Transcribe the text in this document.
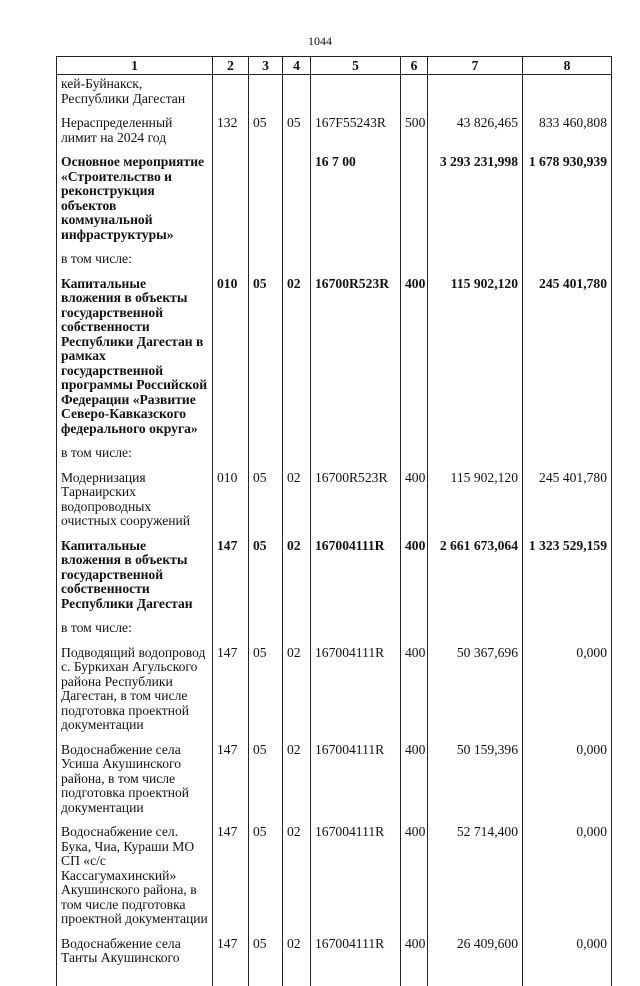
1044
1	2	3	4	5	6	7	8
кей-Буйнакск, Республики Дагестан							
Нераспределенный лимит на 2024 год	132	05	05	167F55243R	500	43 826,465	833 460,808
Основное мероприятие «Строительство и реконструкция объектов коммунальной инфраструктуры»				16 7 00		3 293 231,998	1 678 930,939
в том числе:							
Капитальные вложения в объекты государственной собственности Республики Дагестан в рамках государственной программы Российской Федерации «Развитие Северо-Кавказского федерального округа»	010	05	02	16700R523R	400	115 902,120	245 401,780
в том числе:							
Модернизация Тарнаирских водопроводных очистных сооружений	010	05	02	16700R523R	400	115 902,120	245 401,780
Капитальные вложения в объекты государственной собственности Республики Дагестан	147	05	02	167004111R	400	2 661 673,064	1 323 529,159
в том числе:							
Подводящий водопровод с. Буркихан Агульского района Республики Дагестан, в том числе подготовка проектной документации	147	05	02	167004111R	400	50 367,696	0,000
Водоснабжение села Усиша Акушинского района, в том числе подготовка проектной документации	147	05	02	167004111R	400	50 159,396	0,000
Водоснабжение сел. Бука, Чиа, Кураши МО СП «с/с Кассагумахинский» Акушинского района, в том числе подготовка проектной документации	147	05	02	167004111R	400	52 714,400	0,000
Водоснабжение села Танты Акушинского	147	05	02	167004111R	400	26 409,600	0,000
